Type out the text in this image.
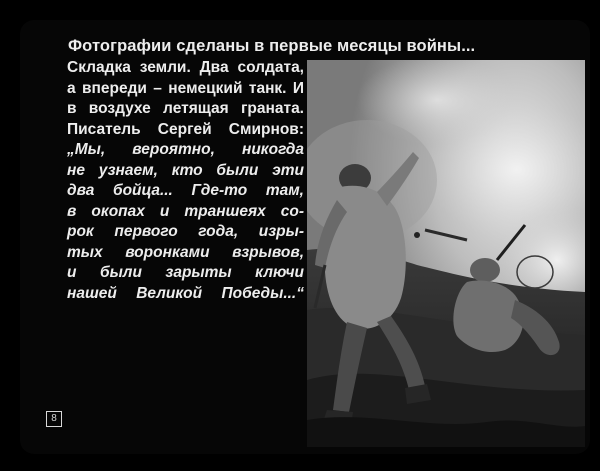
Фотографии сделаны в первые месяцы войны...

Складка земли. Два солдата,
а впереди – немецкий танк. И
в воздухе летящая граната.
Писатель Сергей Смирнов:
„Мы, вероятно, никогда
не узнаем, кто были эти
два бойца... Где-то там,
в окопах и траншеях со-
рок первого года, изры-
тых воронками взрывов,
и были зарыты ключи
нашей Великой Победы...“
8
